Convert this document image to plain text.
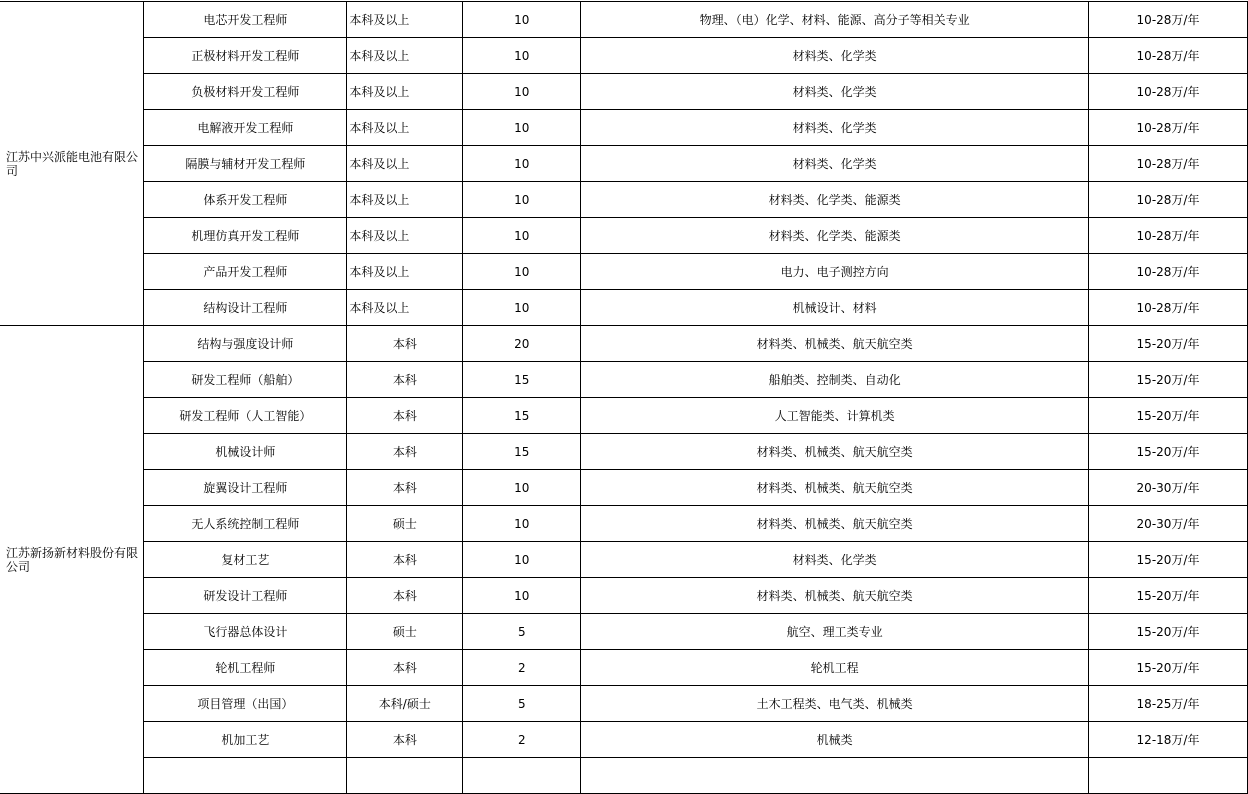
江苏中兴派能电池有限公司	电芯开发工程师	本科及以上	10	物理、（电）化学、材料、能源、高分子等相关专业	10-28万/年
	正极材料开发工程师	本科及以上	10	材料类、化学类	10-28万/年
	负极材料开发工程师	本科及以上	10	材料类、化学类	10-28万/年
	电解液开发工程师	本科及以上	10	材料类、化学类	10-28万/年
	隔膜与辅材开发工程师	本科及以上	10	材料类、化学类	10-28万/年
	体系开发工程师	本科及以上	10	材料类、化学类、能源类	10-28万/年
	机理仿真开发工程师	本科及以上	10	材料类、化学类、能源类	10-28万/年
	产品开发工程师	本科及以上	10	电力、电子测控方向	10-28万/年
	结构设计工程师	本科及以上	10	机械设计、材料	10-28万/年
江苏新扬新材料股份有限公司	结构与强度设计师	本科	20	材料类、机械类、航天航空类	15-20万/年
	研发工程师（船舶）	本科	15	船舶类、控制类、自动化	15-20万/年
	研发工程师（人工智能）	本科	15	人工智能类、计算机类	15-20万/年
	机械设计师	本科	15	材料类、机械类、航天航空类	15-20万/年
	旋翼设计工程师	本科	10	材料类、机械类、航天航空类	20-30万/年
	无人系统控制工程师	硕士	10	材料类、机械类、航天航空类	20-30万/年
	复材工艺	本科	10	材料类、化学类	15-20万/年
	研发设计工程师	本科	10	材料类、机械类、航天航空类	15-20万/年
	飞行器总体设计	硕士	5	航空、理工类专业	15-20万/年
	轮机工程师	本科	2	轮机工程	15-20万/年
	项目管理（出国）	本科/硕士	5	土木工程类、电气类、机械类	18-25万/年
	机加工艺	本科	2	机械类	12-18万/年
